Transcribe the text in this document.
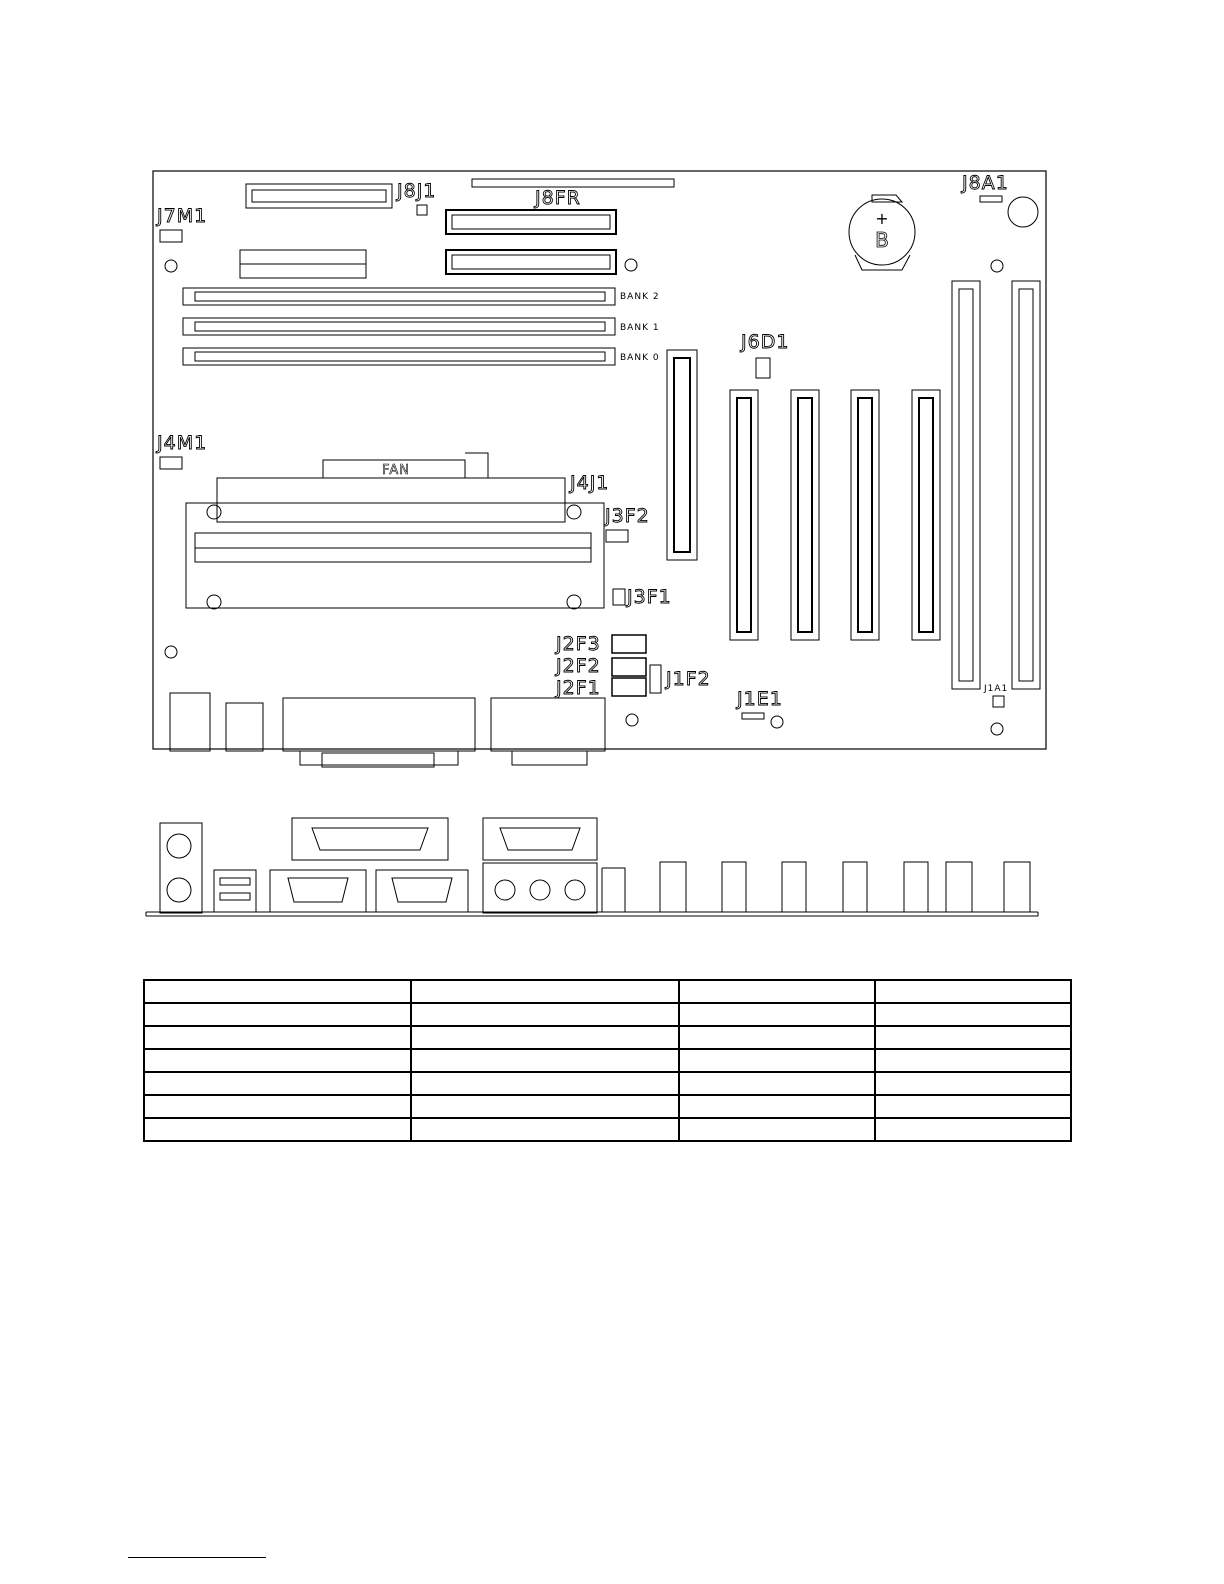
J8J1	J8FR
+
B
J8A1
J7M1
BANK 2
BANK 1
BANK 0
J6D1
J4M1
FAN
J4J1
J3F2
J3F1
J2F3
J2F2
J2F1	J1F2
J1E1	J1A1
